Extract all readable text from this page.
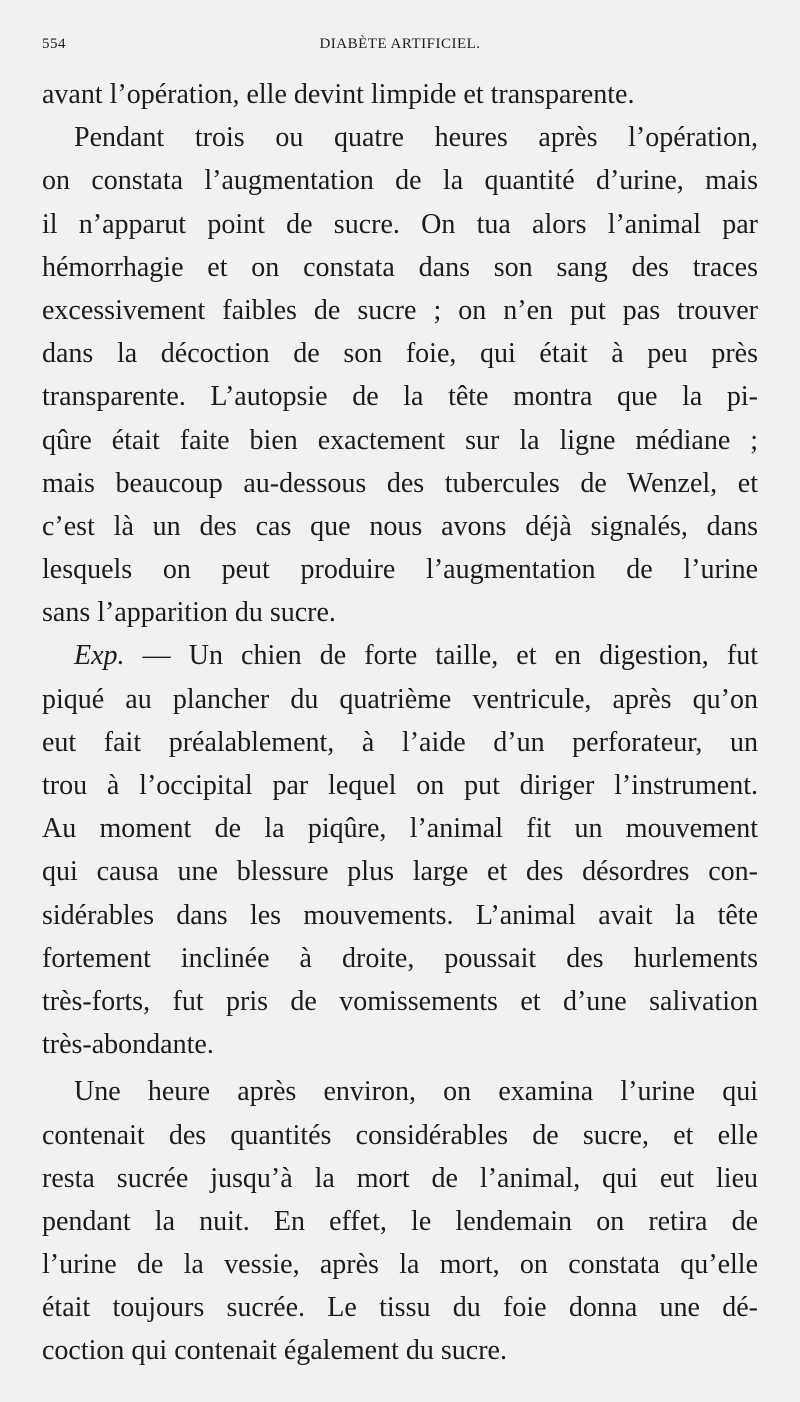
554	DIABÈTE ARTIFICIEL.
avant l’opération, elle devint limpide et transparente.
Pendant trois ou quatre heures après l’opération,
on constata l’augmentation de la quantité d’urine, mais
il n’apparut point de sucre. On tua alors l’animal par
hémorrhagie et on constata dans son sang des traces
excessivement faibles de sucre ; on n’en put pas trouver
dans la décoction de son foie, qui était à peu près
transparente. L’autopsie de la tête montra que la pi-
qûre était faite bien exactement sur la ligne médiane ;
mais beaucoup au-dessous des tubercules de Wenzel, et
c’est là un des cas que nous avons déjà signalés, dans
lesquels on peut produire l’augmentation de l’urine
sans l’apparition du sucre.
Exp. — Un chien de forte taille, et en digestion, fut
piqué au plancher du quatrième ventricule, après qu’on
eut fait préalablement, à l’aide d’un perforateur, un
trou à l’occipital par lequel on put diriger l’instrument.
Au moment de la piqûre, l’animal fit un mouvement
qui causa une blessure plus large et des désordres con-
sidérables dans les mouvements. L’animal avait la tête
fortement inclinée à droite, poussait des hurlements
très-forts, fut pris de vomissements et d’une salivation
très-abondante.
Une heure après environ, on examina l’urine qui
contenait des quantités considérables de sucre, et elle
resta sucrée jusqu’à la mort de l’animal, qui eut lieu
pendant la nuit. En effet, le lendemain on retira de
l’urine de la vessie, après la mort, on constata qu’elle
était toujours sucrée. Le tissu du foie donna une dé-
coction qui contenait également du sucre.
